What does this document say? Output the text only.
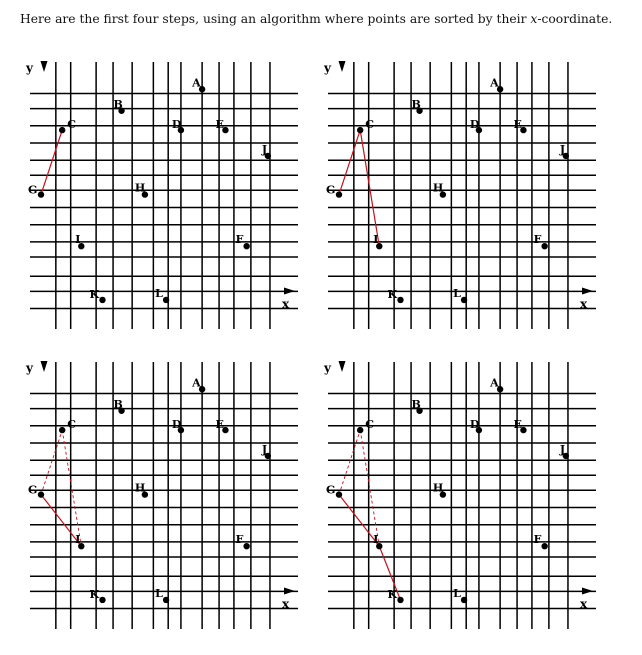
Here are the first four steps, using an algorithm where points are sorted by their x-coordinate.
y
x
A
B
C	D	E
F
G	H
I
J
K	L
y
x
A
B
C	D	E
F
G	H
I
J
K	L
y
x
A
B
C	D	E
F
G	H
I
J
K	L
y
x
A
B
C	D	E
F
G	H
I
J
K	L
